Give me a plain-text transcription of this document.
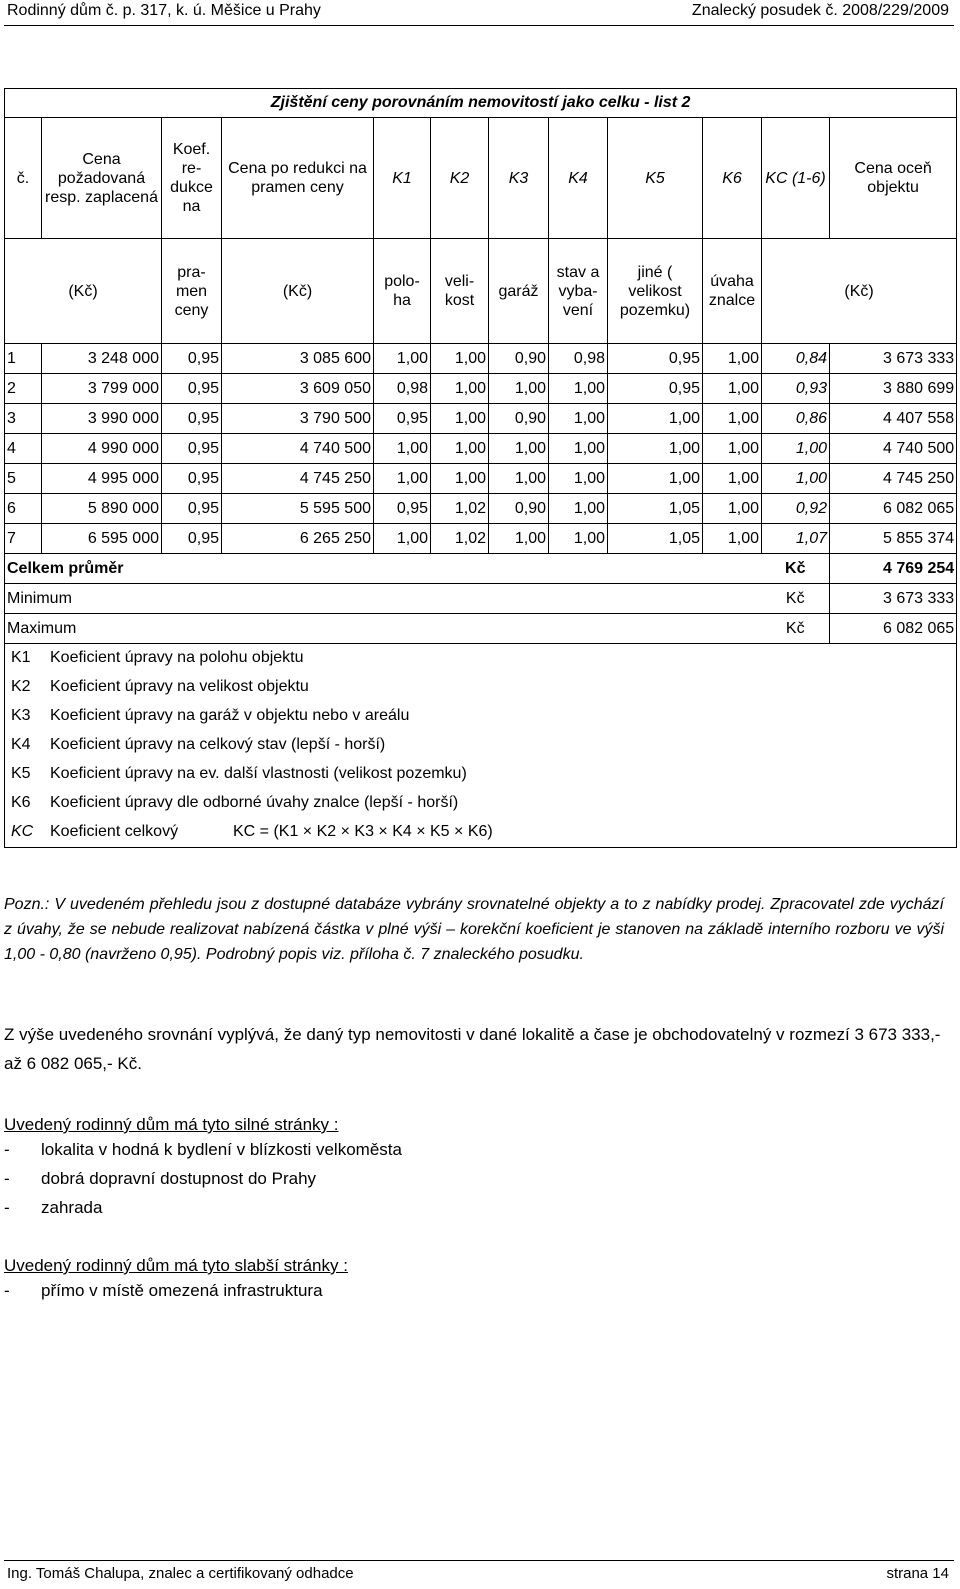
Rodinný dům č. p. 317, k. ú. Měšice u Prahy	Znalecký posudek č. 2008/229/2009
Zjištění ceny porovnáním nemovitostí jako celku - list 2											
č.	Cena požadovaná resp. zaplacená	Koef. re- dukce na	Cena po redukci na pramen ceny	K1	K2	K3	K4	K5	K6	KC (1-6)	Cena oceň objektu
(Kč)		pra- men ceny	(Kč)	polo- ha	veli- kost	garáž	stav a vyba- vení	jiné ( velikost pozemku)	úvaha znalce	(Kč)	
1	3 248 000	0,95	3 085 600	1,00	1,00	0,90	0,98	0,95	1,00	0,84	3 673 333
2	3 799 000	0,95	3 609 050	0,98	1,00	1,00	1,00	0,95	1,00	0,93	3 880 699
3	3 990 000	0,95	3 790 500	0,95	1,00	0,90	1,00	1,00	1,00	0,86	4 407 558
4	4 990 000	0,95	4 740 500	1,00	1,00	1,00	1,00	1,00	1,00	1,00	4 740 500
5	4 995 000	0,95	4 745 250	1,00	1,00	1,00	1,00	1,00	1,00	1,00	4 745 250
6	5 890 000	0,95	5 595 500	0,95	1,02	0,90	1,00	1,05	1,00	0,92	6 082 065
7	6 595 000	0,95	6 265 250	1,00	1,02	1,00	1,00	1,05	1,00	1,07	5 855 374
Celkem průměr										Kč	4 769 254
Minimum										Kč	3 673 333
Maximum										Kč	6 082 065

K1 Koeficient úpravy na polohu objektu											

K2 Koeficient úpravy na velikost objektu											

K3 Koeficient úpravy na garáž v objektu nebo v areálu											

K4 Koeficient úpravy na celkový stav (lepší - horší)											

K5 Koeficient úpravy na ev. další vlastnosti (velikost pozemku)											

K6 Koeficient úpravy dle odborné úvahy znalce (lepší - horší)											

KC Koeficient celkový KC = (K1 × K2 × K3 × K4 × K5 × K6)											
Pozn.: V uvedeném přehledu jsou z dostupné databáze vybrány srovnatelné objekty a to z nabídky prodej. Zpracovatel zde vychází z úvahy, že se nebude realizovat nabízená částka v plné výši – korekční koeficient je stanoven na základě interního rozboru ve výši 1,00 - 0,80 (navrženo 0,95). Podrobný popis viz. příloha č. 7 znaleckého posudku.
Z výše uvedeného srovnání vyplývá, že daný typ nemovitosti v dané lokalitě a čase je obchodovatelný v rozmezí 3 673 333,- až 6 082 065,- Kč.
Uvedený rodinný dům má tyto silné stránky :
- lokalita v hodná k bydlení v blízkosti velkoměsta
- dobrá dopravní dostupnost do Prahy
- zahrada
Uvedený rodinný dům má tyto slabší stránky :
- přímo v místě omezená infrastruktura
Ing. Tomáš Chalupa, znalec a certifikovaný odhadce	strana 14
